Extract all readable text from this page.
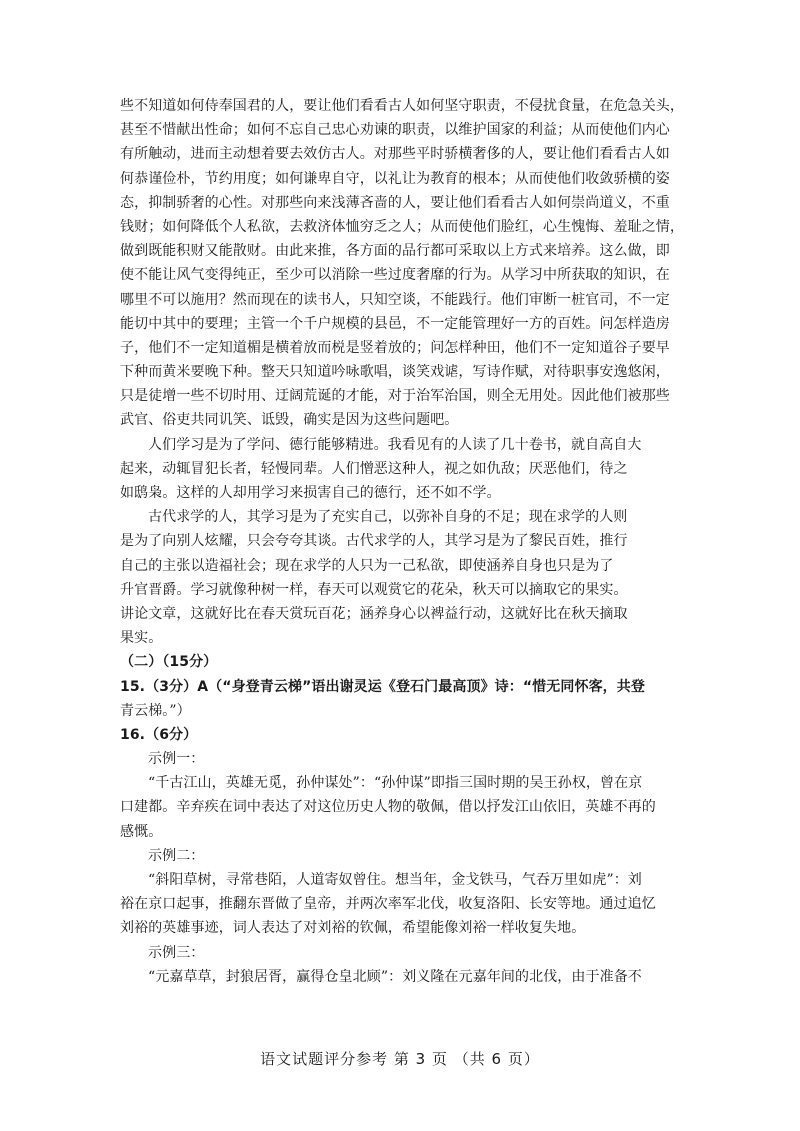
些不知道如何侍奉国君的人，要让他们看看古人如何坚守职责，不侵扰食量，在危急关头，
甚至不惜献出性命；如何不忘自己忠心劝谏的职责，以维护国家的利益；从而使他们内心
有所触动，进而主动想着要去效仿古人。对那些平时骄横奢侈的人，要让他们看看古人如
何恭谨俭朴，节约用度；如何谦卑自守，以礼让为教育的根本；从而使他们收敛骄横的姿
态，抑制骄奢的心性。对那些向来浅薄吝啬的人，要让他们看看古人如何崇尚道义，不重
钱财；如何降低个人私欲，去救济体恤穷乏之人；从而使他们脸红，心生愧悔、羞耻之情，
做到既能积财又能散财。由此来推，各方面的品行都可采取以上方式来培养。这么做，即
使不能让风气变得纯正，至少可以消除一些过度奢靡的行为。从学习中所获取的知识，在
哪里不可以施用？然而现在的读书人，只知空谈，不能践行。他们审断一桩官司，不一定
能切中其中的要理；主管一个千户规模的县邑，不一定能管理好一方的百姓。问怎样造房
子，他们不一定知道楣是横着放而棁是竖着放的；问怎样种田，他们不一定知道谷子要早
下种而黄米要晚下种。整天只知道吟咏歌唱，谈笑戏谑，写诗作赋，对待职事安逸悠闲，
只是徒增一些不切时用、迂阔荒诞的才能，对于治军治国，则全无用处。因此他们被那些
武官、俗吏共同讥笑、诋毁，确实是因为这些问题吧。
人们学习是为了学问、德行能够精进。我看见有的人读了几十卷书，就自高自大
起来，动辄冒犯长者，轻慢同辈。人们憎恶这种人，视之如仇敌；厌恶他们，待之
如鸱枭。这样的人却用学习来损害自己的德行，还不如不学。
古代求学的人，其学习是为了充实自己，以弥补自身的不足；现在求学的人则
是为了向别人炫耀，只会夸夸其谈。古代求学的人，其学习是为了黎民百姓，推行
自己的主张以造福社会；现在求学的人只为一己私欲，即使涵养自身也只是为了
升官晋爵。学习就像种树一样，春天可以观赏它的花朵，秋天可以摘取它的果实。
讲论文章，这就好比在春天赏玩百花；涵养身心以裨益行动，这就好比在秋天摘取
果实。
（二）（15分）
15.（3分）A（“身登青云梯”语出谢灵运《登石门最高顶》诗：“惜无同怀客，共登
青云梯。”）
16.（6分）
示例一：
“千古江山，英雄无觅，孙仲谋处”：“孙仲谋”即指三国时期的吴王孙权，曾在京
口建都。辛弃疾在词中表达了对这位历史人物的敬佩，借以抒发江山依旧，英雄不再的
感慨。
示例二：
“斜阳草树，寻常巷陌，人道寄奴曾住。想当年，金戈铁马，气吞万里如虎”：刘
裕在京口起事，推翻东晋做了皇帝，并两次率军北伐，收复洛阳、长安等地。通过追忆
刘裕的英雄事迹，词人表达了对刘裕的钦佩，希望能像刘裕一样收复失地。
示例三：
“元嘉草草，封狼居胥，赢得仓皇北顾”：刘义隆在元嘉年间的北伐，由于准备不
语文试题评分参考 第 3 页 （共 6 页）
